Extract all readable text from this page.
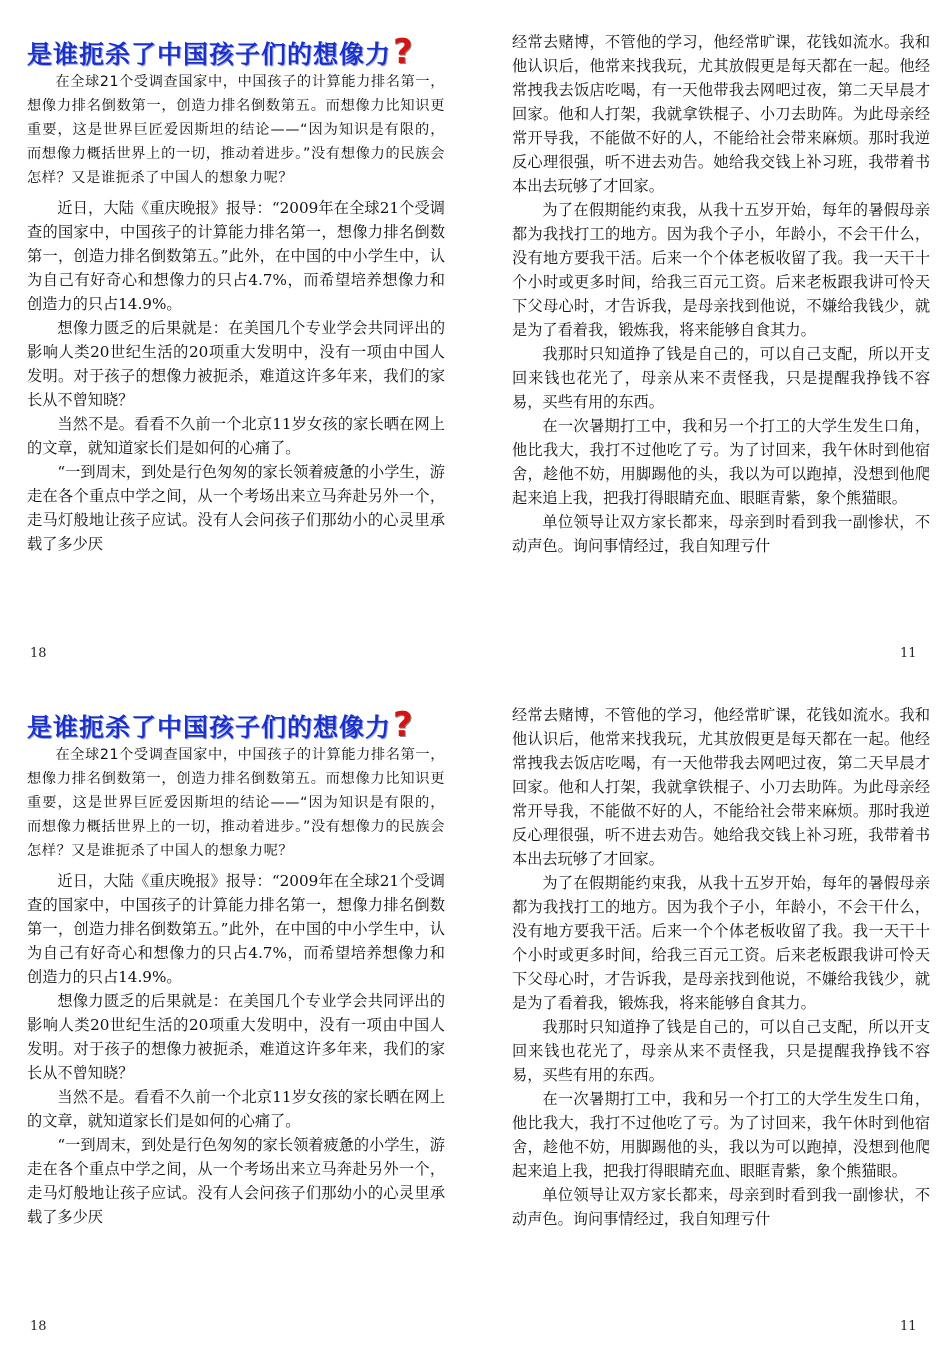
是谁扼杀了中国孩子们的想像力?

在全球21个受调查国家中，中国孩子的计算能力排名第一，想像力排名倒数第一，创造力排名倒数第五。而想像力比知识更重要，这是世界巨匠爱因斯坦的结论——“因为知识是有限的，而想像力概括世界上的一切，推动着进步。”没有想像力的民族会怎样？又是谁扼杀了中国人的想象力呢？

近日，大陆《重庆晚报》报导：“2009年在全球21个受调查的国家中，中国孩子的计算能力排名第一，想像力排名倒数第一，创造力排名倒数第五。”此外，在中国的中小学生中，认为自己有好奇心和想像力的只占4.7%，而希望培养想像力和创造力的只占14.9%。

想像力匮乏的后果就是：在美国几个专业学会共同评出的影响人类20世纪生活的20项重大发明中，没有一项由中国人发明。对于孩子的想像力被扼杀，难道这许多年来，我们的家长从不曾知晓？

当然不是。看看不久前一个北京11岁女孩的家长晒在网上的文章，就知道家长们是如何的心痛了。

“一到周末，到处是行色匆匆的家长领着疲惫的小学生，游走在各个重点中学之间，从一个考场出来立马奔赴另外一个，走马灯般地让孩子应试。没有人会问孩子们那幼小的心灵里承载了多少厌

经常去赌博，不管他的学习，他经常旷课，花钱如流水。我和他认识后，他常来找我玩，尤其放假更是每天都在一起。他经常拽我去饭店吃喝，有一天他带我去网吧过夜，第二天早晨才回家。他和人打架，我就拿铁棍子、小刀去助阵。为此母亲经常开导我，不能做不好的人，不能给社会带来麻烦。那时我逆反心理很强，听不进去劝告。她给我交钱上补习班，我带着书本出去玩够了才回家。

为了在假期能约束我，从我十五岁开始，每年的暑假母亲都为我找打工的地方。因为我个子小，年龄小，不会干什么，没有地方要我干活。后来一个个体老板收留了我。我一天干十个小时或更多时间，给我三百元工资。后来老板跟我讲可怜天下父母心时，才告诉我，是母亲找到他说，不嫌给我钱少，就是为了看着我，锻炼我，将来能够自食其力。

我那时只知道挣了钱是自己的，可以自己支配，所以开支回来钱也花光了，母亲从来不责怪我，只是提醒我挣钱不容易，买些有用的东西。

在一次暑期打工中，我和另一个打工的大学生发生口角，他比我大，我打不过他吃了亏。为了讨回来，我午休时到他宿舍，趁他不妨，用脚踢他的头，我以为可以跑掉，没想到他爬起来追上我，把我打得眼睛充血、眼眶青紫，象个熊猫眼。

单位领导让双方家长都来，母亲到时看到我一副惨状，不动声色。询问事情经过，我自知理亏什

18	11
是谁扼杀了中国孩子们的想像力?

在全球21个受调查国家中，中国孩子的计算能力排名第一，想像力排名倒数第一，创造力排名倒数第五。而想像力比知识更重要，这是世界巨匠爱因斯坦的结论——“因为知识是有限的，而想像力概括世界上的一切，推动着进步。”没有想像力的民族会怎样？又是谁扼杀了中国人的想象力呢？

近日，大陆《重庆晚报》报导：“2009年在全球21个受调查的国家中，中国孩子的计算能力排名第一，想像力排名倒数第一，创造力排名倒数第五。”此外，在中国的中小学生中，认为自己有好奇心和想像力的只占4.7%，而希望培养想像力和创造力的只占14.9%。

想像力匮乏的后果就是：在美国几个专业学会共同评出的影响人类20世纪生活的20项重大发明中，没有一项由中国人发明。对于孩子的想像力被扼杀，难道这许多年来，我们的家长从不曾知晓？

当然不是。看看不久前一个北京11岁女孩的家长晒在网上的文章，就知道家长们是如何的心痛了。

“一到周末，到处是行色匆匆的家长领着疲惫的小学生，游走在各个重点中学之间，从一个考场出来立马奔赴另外一个，走马灯般地让孩子应试。没有人会问孩子们那幼小的心灵里承载了多少厌

经常去赌博，不管他的学习，他经常旷课，花钱如流水。我和他认识后，他常来找我玩，尤其放假更是每天都在一起。他经常拽我去饭店吃喝，有一天他带我去网吧过夜，第二天早晨才回家。他和人打架，我就拿铁棍子、小刀去助阵。为此母亲经常开导我，不能做不好的人，不能给社会带来麻烦。那时我逆反心理很强，听不进去劝告。她给我交钱上补习班，我带着书本出去玩够了才回家。

为了在假期能约束我，从我十五岁开始，每年的暑假母亲都为我找打工的地方。因为我个子小，年龄小，不会干什么，没有地方要我干活。后来一个个体老板收留了我。我一天干十个小时或更多时间，给我三百元工资。后来老板跟我讲可怜天下父母心时，才告诉我，是母亲找到他说，不嫌给我钱少，就是为了看着我，锻炼我，将来能够自食其力。

我那时只知道挣了钱是自己的，可以自己支配，所以开支回来钱也花光了，母亲从来不责怪我，只是提醒我挣钱不容易，买些有用的东西。

在一次暑期打工中，我和另一个打工的大学生发生口角，他比我大，我打不过他吃了亏。为了讨回来，我午休时到他宿舍，趁他不妨，用脚踢他的头，我以为可以跑掉，没想到他爬起来追上我，把我打得眼睛充血、眼眶青紫，象个熊猫眼。

单位领导让双方家长都来，母亲到时看到我一副惨状，不动声色。询问事情经过，我自知理亏什

18	11
